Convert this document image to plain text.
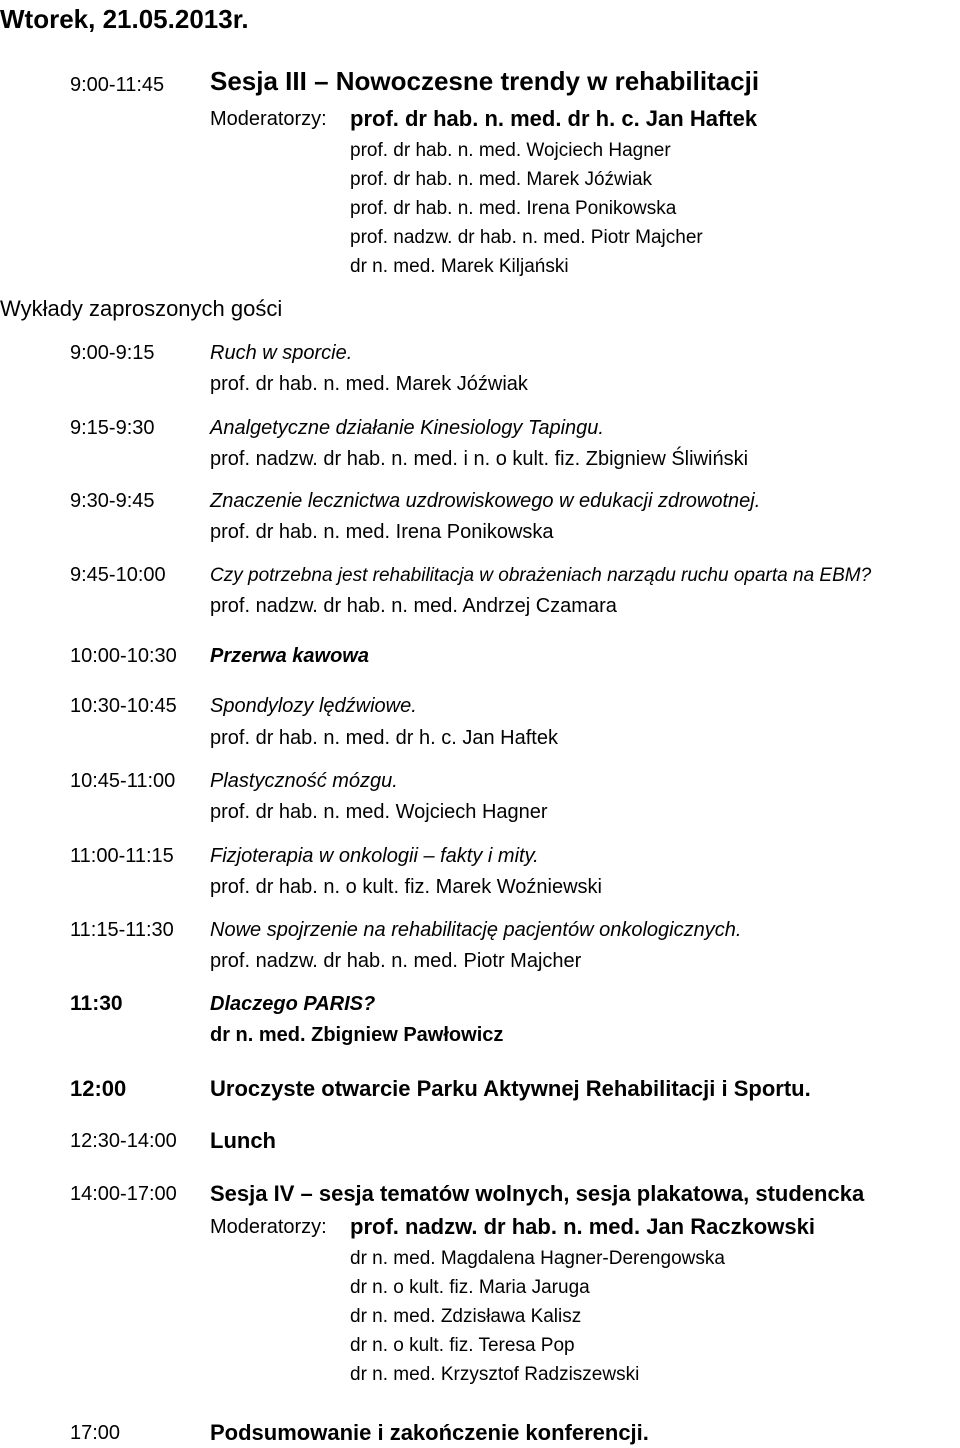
Wtorek, 21.05.2013r.
9:00-11:45 Sesja III – Nowoczesne trendy w rehabilitacji
Moderatorzy: prof. dr hab. n. med. dr h. c. Jan Haftek
prof. dr hab. n. med. Wojciech Hagner
prof. dr hab. n. med. Marek Jóźwiak
prof. dr hab. n. med. Irena Ponikowska
prof. nadzw. dr hab. n. med. Piotr Majcher
dr n. med. Marek Kiljański
Wykłady zaproszonych gości
9:00-9:15	Ruch w sporcie.
prof. dr hab. n. med. Marek Jóźwiak
9:15-9:30	Analgetyczne działanie Kinesiology Tapingu.
prof. nadzw. dr hab. n. med. i n. o kult. fiz. Zbigniew Śliwiński
9:30-9:45	Znaczenie lecznictwa uzdrowiskowego w edukacji zdrowotnej.
prof. dr hab. n. med. Irena Ponikowska
9:45-10:00 Czy potrzebna jest rehabilitacja w obrażeniach narządu ruchu oparta na EBM?
prof. nadzw. dr hab. n. med. Andrzej Czamara
10:00-10:30 Przerwa kawowa
10:30-10:45 Spondylozy lędźwiowe.
prof. dr hab. n. med. dr h. c. Jan Haftek
10:45-11:00 Plastyczność mózgu.
prof. dr hab. n. med. Wojciech Hagner
11:00-11:15 Fizjoterapia w onkologii – fakty i mity.
prof. dr hab. n. o kult. fiz. Marek Woźniewski
11:15-11:30 Nowe spojrzenie na rehabilitację pacjentów onkologicznych.
prof. nadzw. dr hab. n. med. Piotr Majcher
11:30	Dlaczego PARIS?
dr n. med. Zbigniew Pawłowicz
12:00	Uroczyste otwarcie Parku Aktywnej Rehabilitacji i Sportu.
12:30-14:00 Lunch
14:00-17:00 Sesja IV – sesja tematów wolnych, sesja plakatowa, studencka
Moderatorzy: prof. nadzw. dr hab. n. med. Jan Raczkowski
dr n. med. Magdalena Hagner-Derengowska
dr n. o kult. fiz. Maria Jaruga
dr n. med. Zdzisława Kalisz
dr n. o kult. fiz. Teresa Pop
dr n. med. Krzysztof Radziszewski
17:00	Podsumowanie i zakończenie konferencji.
